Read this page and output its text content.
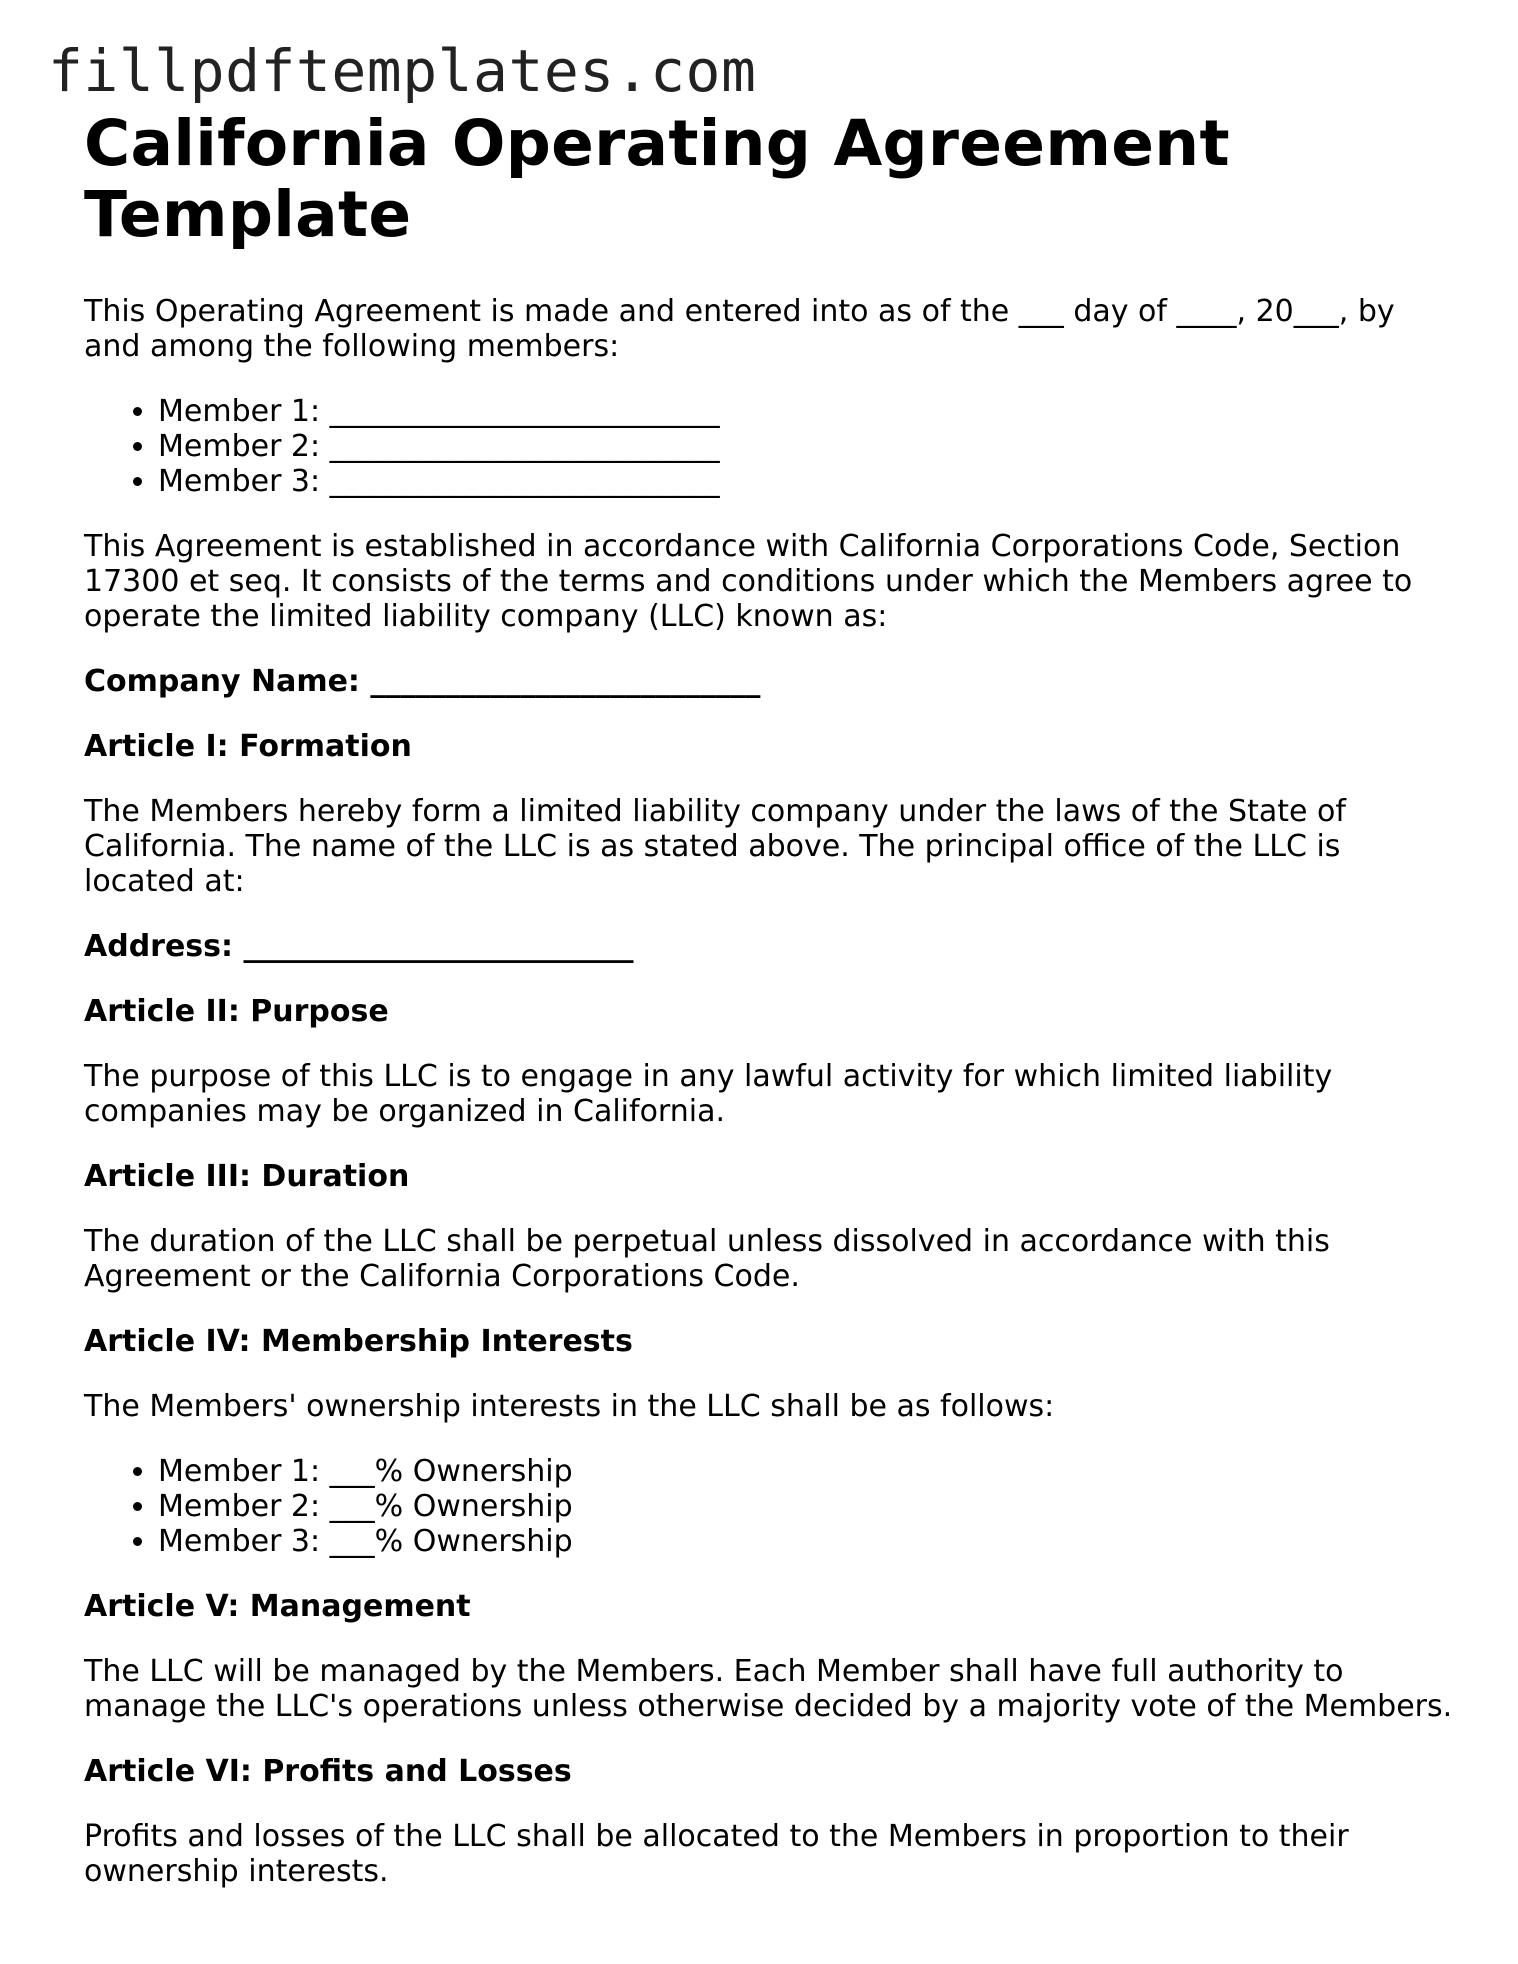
fillpdftemplates.com
California Operating Agreement Template

This Operating Agreement is made and entered into as of the ___ day of ____, 20___, by and among the following members:

• Member 1: __________________________
• Member 2: __________________________
• Member 3: __________________________

This Agreement is established in accordance with California Corporations Code, Section 17300 et seq. It consists of the terms and conditions under which the Members agree to operate the limited liability company (LLC) known as:

Company Name: __________________________

Article I: Formation

The Members hereby form a limited liability company under the laws of the State of California. The name of the LLC is as stated above. The principal office of the LLC is located at:

Address: __________________________

Article II: Purpose

The purpose of this LLC is to engage in any lawful activity for which limited liability companies may be organized in California.

Article III: Duration

The duration of the LLC shall be perpetual unless dissolved in accordance with this Agreement or the California Corporations Code.

Article IV: Membership Interests

The Members' ownership interests in the LLC shall be as follows:

• Member 1: ___% Ownership
• Member 2: ___% Ownership
• Member 3: ___% Ownership

Article V: Management

The LLC will be managed by the Members. Each Member shall have full authority to manage the LLC's operations unless otherwise decided by a majority vote of the Members.

Article VI: Profits and Losses

Profits and losses of the LLC shall be allocated to the Members in proportion to their ownership interests.
